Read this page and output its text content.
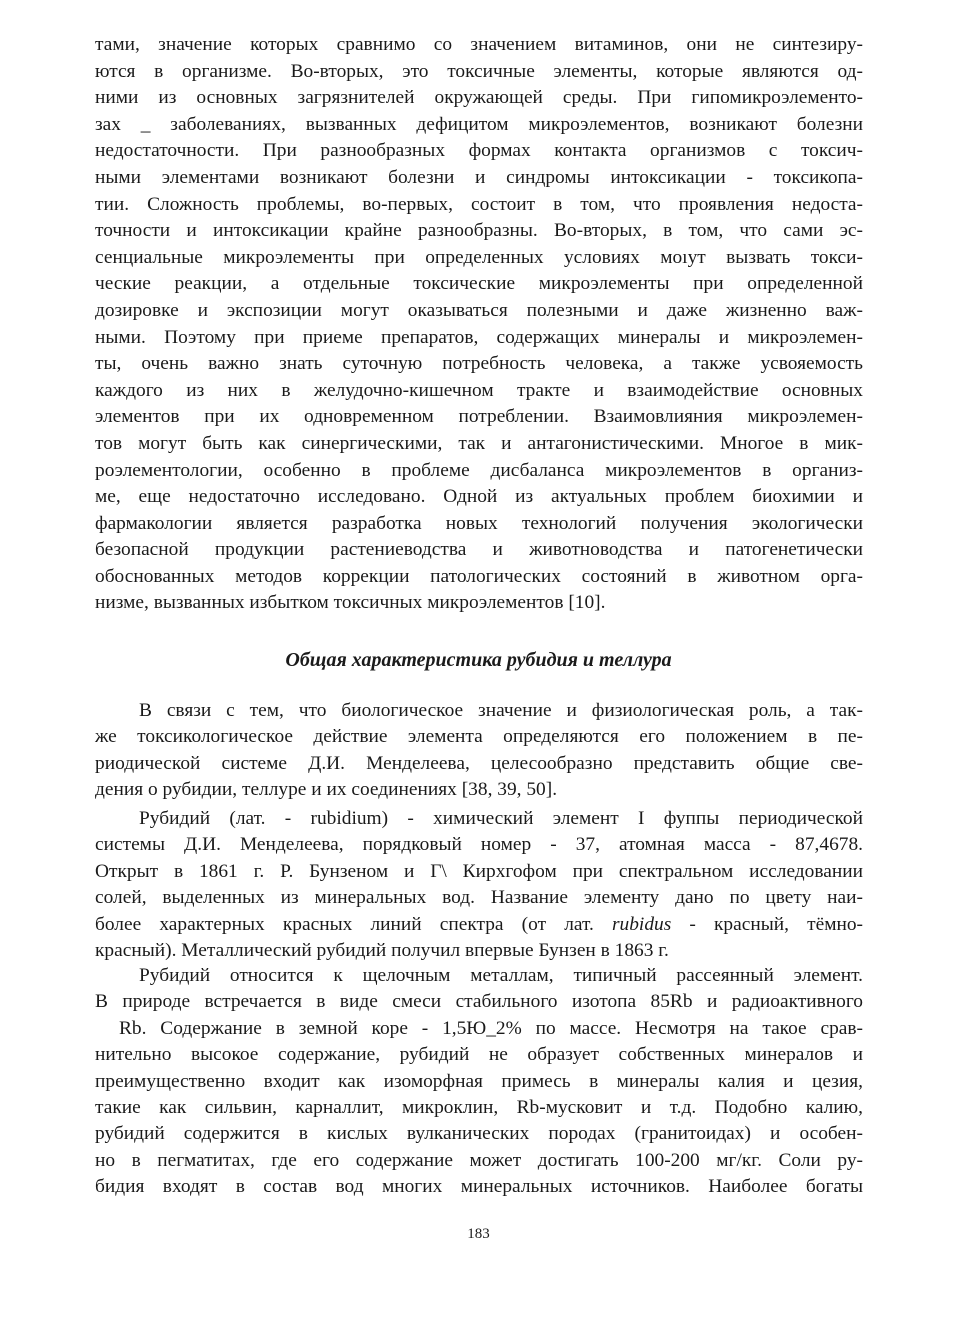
тами, значение которых сравнимо со значением витаминов, они не синтезиру-
ются в организме. Во-вторых, это токсичные элементы, которые являются од-
ними из основных загрязнителей окружающей среды. При гипомикроэлементо-
зах _ заболеваниях, вызванных дефицитом микроэлементов, возникают болезни
недостаточности. При разнообразных формах контакта организмов с токсич-
ными элементами возникают болезни и синдромы интоксикации - токсикопа-
тии. Сложность проблемы, во-первых, состоит в том, что проявления недоста-
точности и интоксикации крайне разнообразны. Во-вторых, в том, что сами эс-
сенциальные микроэлементы при определенных условиях моıут вызвать токси-
ческие реакции, а отдельные токсические микроэлементы при определенной
дозировке и экспозиции могут оказываться полезными и даже жизненно важ-
ными. Поэтому при приеме препаратов, содержащих минералы и микроэлемен-
ты, очень важно знать суточную потребность человека, а также усвояемость
каждого из них в желудочно-кишечном тракте и взаимодействие основных
элементов при их одновременном потреблении. Взаимовлияния микроэлемен-
тов могут быть как синергическими, так и антагонистическими. Многое в мик-
роэлементологии, особенно в проблеме дисбаланса микроэлементов в организ-
ме, еще недостаточно исследовано. Одной из актуальных проблем биохимии и
фармакологии является разработка новых технологий получения экологически
безопасной продукции растениеводства и животноводства и патогенетически
обоснованных методов коррекции патологических состояний в животном орга-
низме, вызванных избытком токсичных микроэлементов [10].
Общая характеристика рубидия и теллура
В связи с тем, что биологическое значение и физиологическая роль, а так-
же токсикологическое действие элемента определяются его положением в пе-
риодической системе Д.И. Менделеева, целесообразно представить общие све-
дения о рубидии, теллуре и их соединениях [38, 39, 50].
Рубидий (лат. - rubidium) - химический элемент I фуппы периодической
системы Д.И. Менделеева, порядковый номер - 37, атомная масса - 87,4678.
Открыт в 1861 г. Р. Бунзеном и Г\ Кирхгофом при спектральном исследовании
солей, выделенных из минеральных вод. Название элементу дано по цвету наи-
более характерных красных линий спектра (от лат. rubidus - красный, тёмно-
красный). Металлический рубидий получил впервые Бунзен в 1863 г.
Рубидий относится к щелочным металлам, типичный рассеянный элемент.
В природе встречается в виде смеси стабильного изотопа 85Rb и радиоактивного
Rb. Содержание в земной коре - 1,5Ю_2% по массе. Несмотря на такое срав-
нительно высокое содержание, рубидий не образует собственных минералов и
преимущественно входит как изоморфная примесь в минералы калия и цезия,
такие как сильвин, карналлит, микроклин, Rb-мусковит и т.д. Подобно калию,
рубидий содержится в кислых вулканических породах (гранитоидах) и особен-
но в пегматитах, где его содержание может достигать 100-200 мг/кг. Соли ру-
бидия входят в состав вод многих минеральных источников. Наиболее богаты
183
